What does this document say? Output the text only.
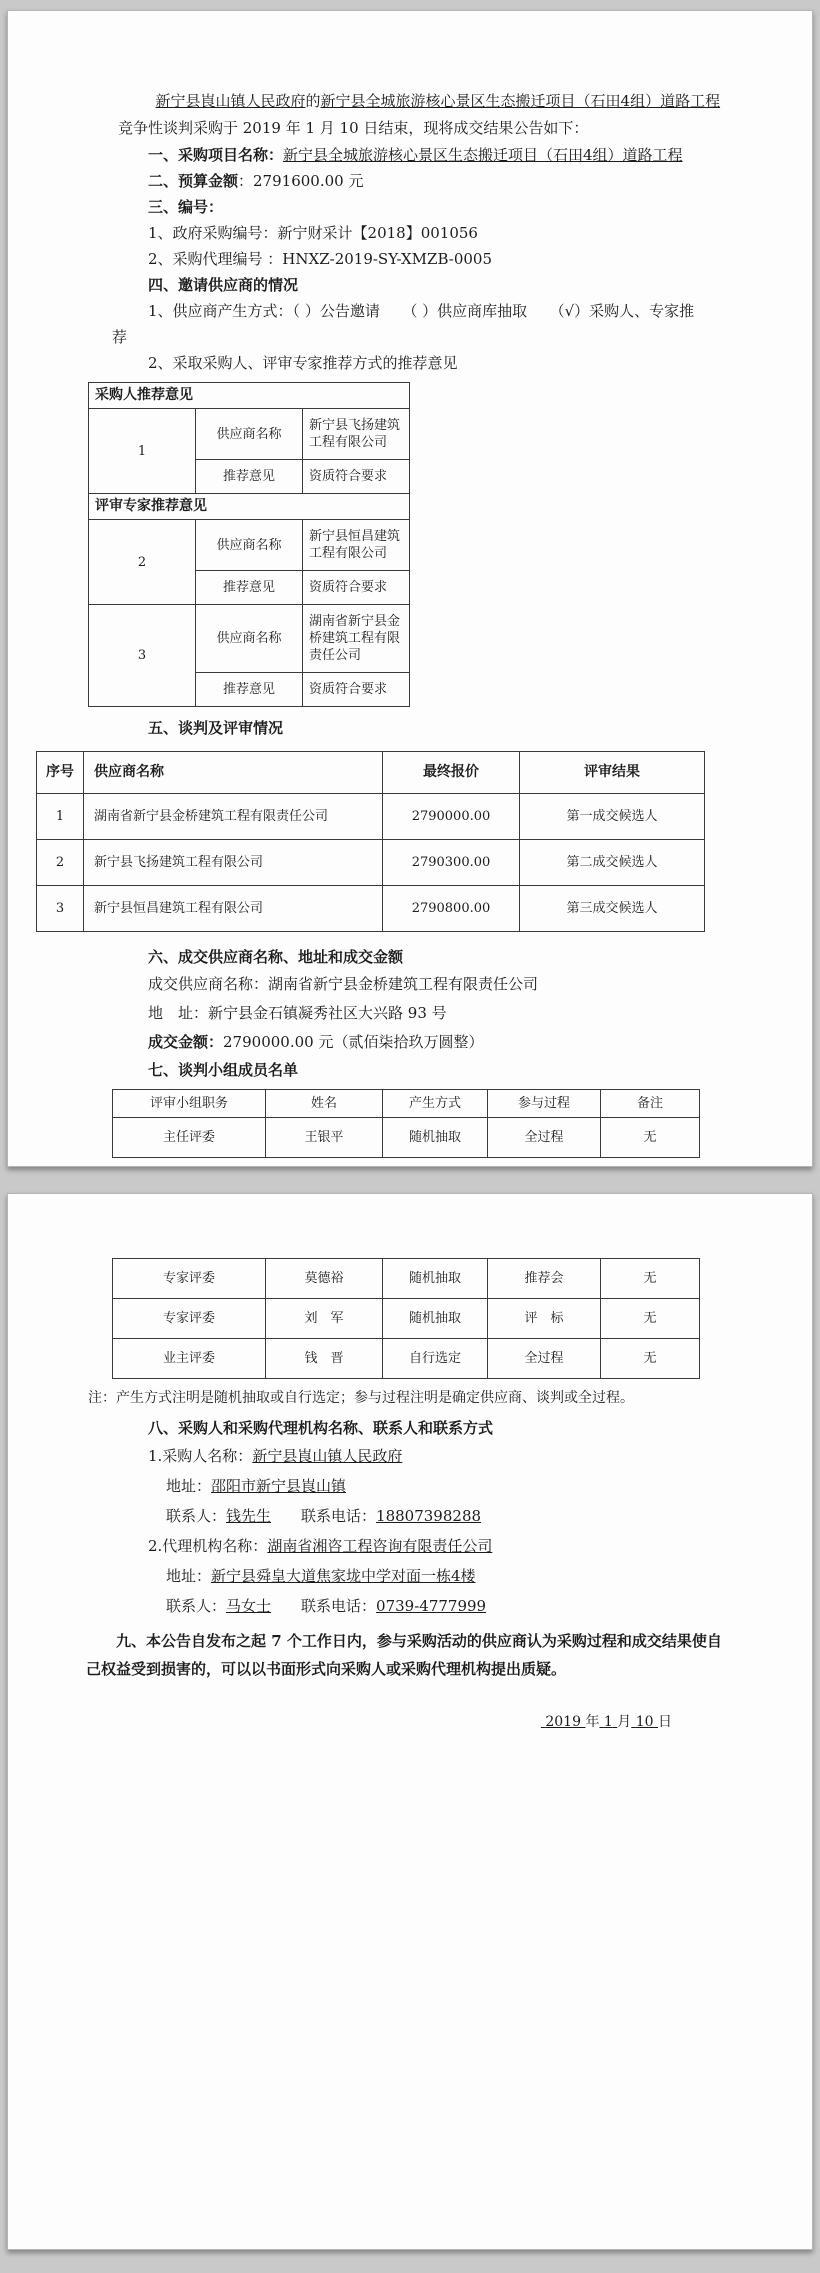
新宁县崀山镇人民政府的新宁县全城旅游核心景区生态搬迁项目（石田4组）道路工程竞争性谈判采购于 2019 年 1 月 10 日结束，现将成交结果公告如下：

一、采购项目名称：新宁县全城旅游核心景区生态搬迁项目（石田4组）道路工程
二、预算金额：2791600.00 元
三、编号：
1、政府采购编号：新宁财采计【2018】001056
2、采购代理编号 ：HNXZ-2019-SY-XMZB-0005
四、邀请供应商的情况
1、供应商产生方式：（ ）公告邀请　　（ ）供应商库抽取　　（√）采购人、专家推
荐
2、采取采购人、评审专家推荐方式的推荐意见
采购人推荐意见		
1	供应商名称	新宁县飞扬建筑工程有限公司
	推荐意见	资质符合要求
评审专家推荐意见		
2	供应商名称	新宁县恒昌建筑工程有限公司
	推荐意见	资质符合要求
3	供应商名称	湖南省新宁县金桥建筑工程有限责任公司
	推荐意见	资质符合要求
五、谈判及评审情况
序号	供应商名称	最终报价	评审结果
1	湖南省新宁县金桥建筑工程有限责任公司	2790000.00	第一成交候选人
2	新宁县飞扬建筑工程有限公司	2790300.00	第二成交候选人
3	新宁县恒昌建筑工程有限公司	2790800.00	第三成交候选人
六、成交供应商名称、地址和成交金额
成交供应商名称：湖南省新宁县金桥建筑工程有限责任公司
地　址：新宁县金石镇凝秀社区大兴路 93 号
成交金额：2790000.00 元（贰佰柒拾玖万圆整）
七、谈判小组成员名单
评审小组职务	姓名	产生方式	参与过程	备注
主任评委	王银平	随机抽取	全过程	无
专家评委	莫德裕	随机抽取	推荐会	无
专家评委	刘　军	随机抽取	评　标	无
业主评委	钱　晋	自行选定	全过程	无

注：产生方式注明是随机抽取或自行选定；参与过程注明是确定供应商、谈判或全过程。

八、采购人和采购代理机构名称、联系人和联系方式
1.采购人名称：新宁县崀山镇人民政府
地址：邵阳市新宁县崀山镇
联系人：钱先生 联系电话：18807398288
2.代理机构名称：湖南省湘咨工程咨询有限责任公司
地址：新宁县舜皇大道焦家垅中学对面一栋4楼
联系人：马女士 联系电话：0739-4777999

九、本公告自发布之起 7 个工作日内，参与采购活动的供应商认为采购过程和成交结果使自己权益受到损害的，可以以书面形式向采购人或采购代理机构提出质疑。

2019 年 1 月 10 日
